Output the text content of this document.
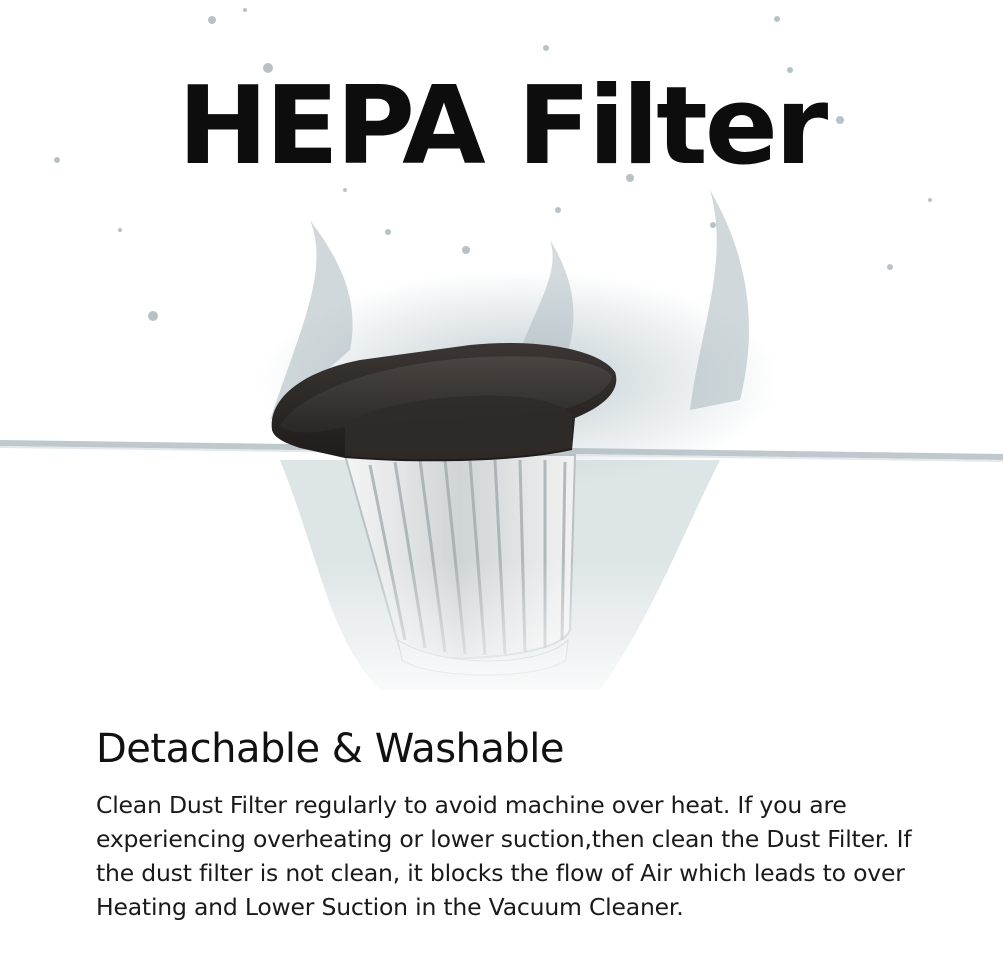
HEPA Filter
Detachable & Washable

Clean Dust Filter regularly to avoid machine over heat. If you are experiencing overheating or lower suction,then clean the Dust Filter. If the dust filter is not clean, it blocks the flow of Air which leads to over Heating and Lower Suction in the Vacuum Cleaner.
